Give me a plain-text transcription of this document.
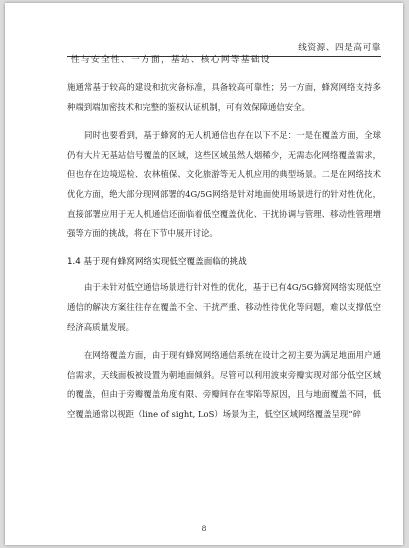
线资源、四是高可靠
性与安全性、一方面，基站、核心网等基础设

施通常基于较高的建设和抗灾备标准，具备较高可靠性；另一方面，蜂窝网络支持多种端到端加密技术和完整的鉴权认证机制，可有效保障通信安全。

同时也要看到，基于蜂窝的无人机通信也存在以下不足：一是在覆盖方面，全球仍有大片无基站信号覆盖的区域，这些区域虽然人烟稀少，无需态化网络覆盖需求，但也存在边境巡检、农林植保、文化旅游等无人机应用的典型场景。二是在网络技术优化方面，绝大部分现网部署的4G/5G网络是针对地面使用场景进行的针对性优化，直接部署应用于无人机通信还面临着低空覆盖优化、干扰协调与管理、移动性管理增强等方面的挑战，将在下节中展开讨论。

1.4 基于现有蜂窝网络实现低空覆盖面临的挑战

由于未针对低空通信场景进行针对性的优化，基于已有4G/5G蜂窝网络实现低空通信的解决方案往往存在覆盖不全、干扰严重、移动性待优化等问题，难以支撑低空经济高质量发展。

在网络覆盖方面，由于现有蜂窝网络通信系统在设计之初主要为满足地面用户通信需求，天线面板被设置为朝地面倾斜。尽管可以利用波束旁瓣实现对部分低空区域的覆盖，但由于旁瓣覆盖角度有限、旁瓣间存在零陷等原因，且与地面覆盖不同，低空覆盖通常以视距（line of sight, LoS）场景为主，低空区域网络覆盖呈现“碎

8
